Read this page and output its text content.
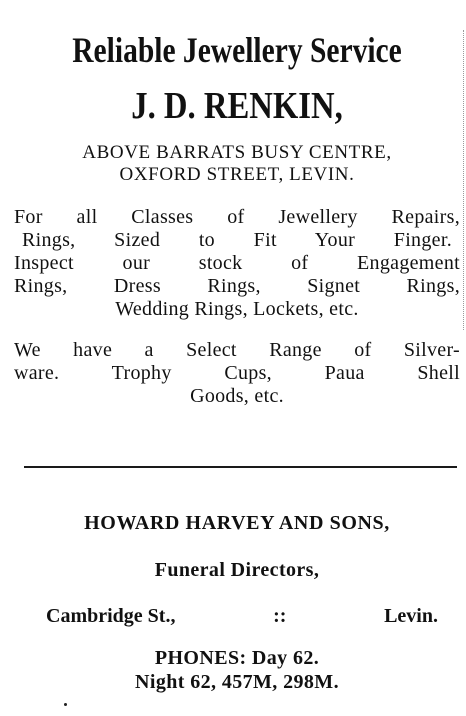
Reliable Jewellery Service
J. D. RENKIN,
ABOVE BARRATS BUSY CENTRE,
OXFORD STREET, LEVIN.
For all Classes of Jewellery Repairs,
Rings, Sized to Fit Your Finger.
Inspect our stock of Engagement
Rings, Dress Rings, Signet Rings,
Wedding Rings, Lockets, etc.
We have a Select Range of Silver-
ware. Trophy Cups, Paua Shell
Goods, etc.
HOWARD HARVEY AND SONS,
Funeral Directors,
Cambridge St.,	::	Levin.
PHONES: Day 62.
Night 62, 457M, 298M.
